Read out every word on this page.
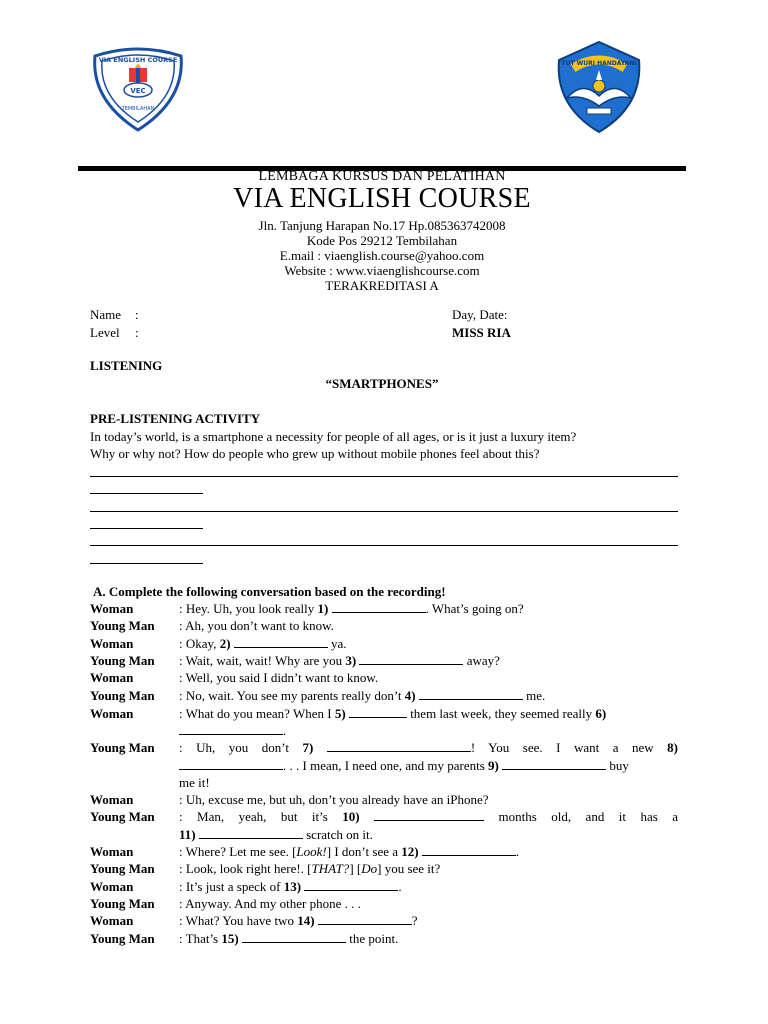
VIA ENGLISH COURSE
VEC
TEMBILAHAN
TUT WURI HANDAYANI
LEMBAGA KURSUS DAN PELATIHAN
VIA ENGLISH COURSE
Jln. Tanjung Harapan No.17 Hp.085363742008
Kode Pos 29212 Tembilahan
E.mail : viaenglish.course@yahoo.com
Website : www.viaenglishcourse.com
TERAKREDITASI A
Name :
Level :
Day, Date:
MISS RIA
LISTENING
“SMARTPHONES”
PRE-LISTENING ACTIVITY
In today’s world, is a smartphone a necessity for people of all ages, or is it just a luxury item?
Why or why not? How do people who grew up without mobile phones feel about this?
A. Complete the following conversation based on the recording!
Woman	: Hey. Uh, you look really 1)	. What’s going on?
Young Man : Ah, you don’t want to know.
Woman	: Okay, 2)	ya.
Young Man : Wait, wait, wait! Why are you 3)	away?
Woman	: Well, you said I didn’t want to know.
Young Man : No, wait. You see my parents really don’t 4)	me.
Woman	: What do you mean? When I 5)	them last week, they seemed really 6)
.
Young Man : Uh, you don’t 7)	! You see. I want a new 8)
. . . I mean, I need one, and my parents 9)	buy
me it!
Woman	: Uh, excuse me, but uh, don’t you already have an iPhone?
Young Man : Man, yeah, but it’s 10)	months old, and it has a
11)	scratch on it.
Woman	: Where? Let me see. [Look!] I don’t see a 12)	.
Young Man : Look, look right here!. [THAT?] [Do] you see it?
Woman	: It’s just a speck of 13)	.
Young Man : Anyway. And my other phone . . .
Woman	: What? You have two 14)	?
Young Man : That’s 15)	the point.
